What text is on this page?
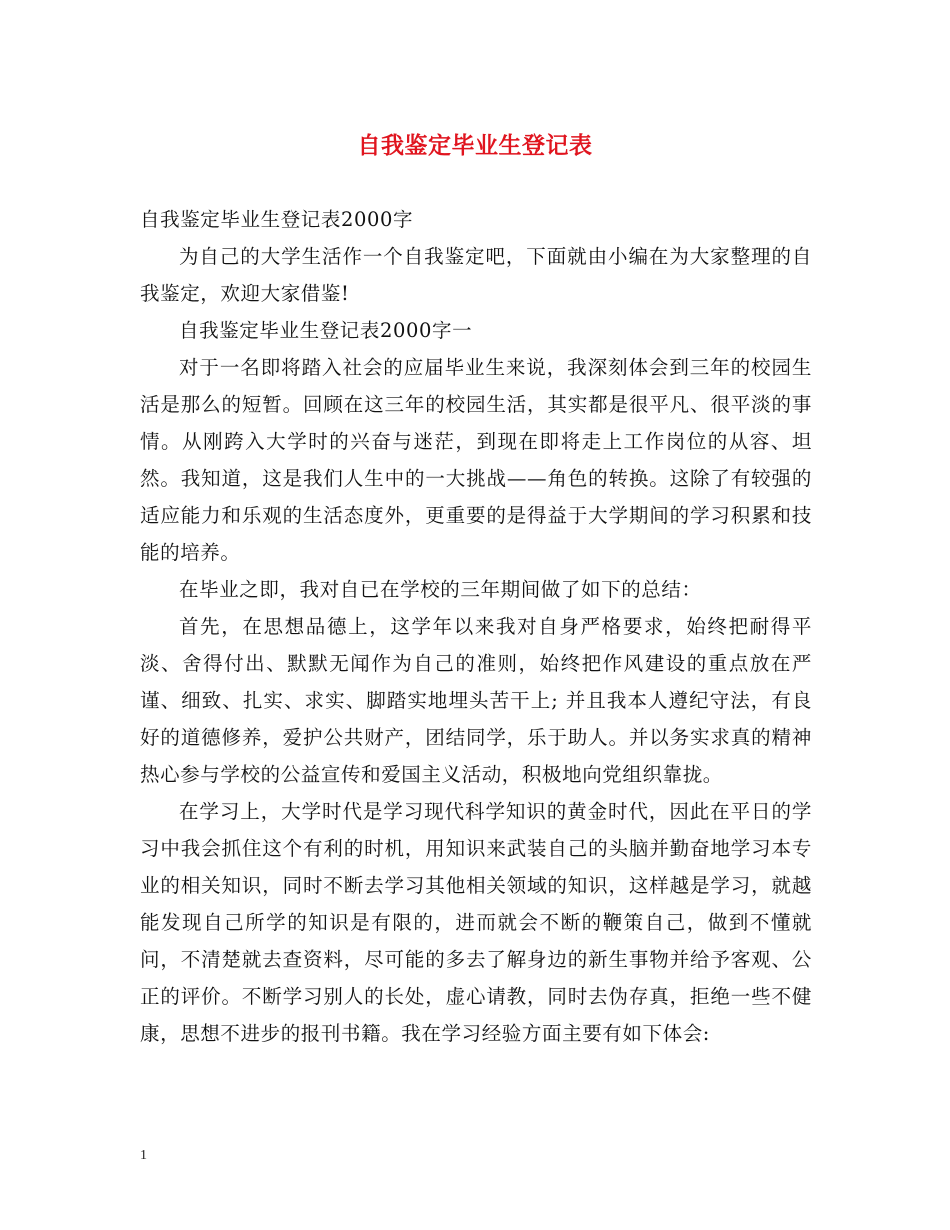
自我鉴定毕业生登记表

自我鉴定毕业生登记表2000字

为自己的大学生活作一个自我鉴定吧，下面就由小编在为大家整理的自我鉴定，欢迎大家借鉴!

自我鉴定毕业生登记表2000字一

对于一名即将踏入社会的应届毕业生来说，我深刻体会到三年的校园生活是那么的短暂。回顾在这三年的校园生活，其实都是很平凡、很平淡的事情。从刚跨入大学时的兴奋与迷茫，到现在即将走上工作岗位的从容、坦然。我知道，这是我们人生中的一大挑战——角色的转换。这除了有较强的适应能力和乐观的生活态度外，更重要的是得益于大学期间的学习积累和技能的培养。

在毕业之即，我对自已在学校的三年期间做了如下的总结：

首先，在思想品德上，这学年以来我对自身严格要求，始终把耐得平淡、舍得付出、默默无闻作为自己的准则，始终把作风建设的重点放在严谨、细致、扎实、求实、脚踏实地埋头苦干上; 并且我本人遵纪守法，有良好的道德修养，爱护公共财产，团结同学，乐于助人。并以务实求真的精神热心参与学校的公益宣传和爱国主义活动，积极地向党组织靠拢。

在学习上，大学时代是学习现代科学知识的黄金时代，因此在平日的学习中我会抓住这个有利的时机，用知识来武装自己的头脑并勤奋地学习本专业的相关知识，同时不断去学习其他相关领域的知识，这样越是学习，就越能发现自己所学的知识是有限的，进而就会不断的鞭策自己，做到不懂就问，不清楚就去查资料，尽可能的多去了解身边的新生事物并给予客观、公正的评价。不断学习别人的长处，虚心请教，同时去伪存真，拒绝一些不健康，思想不进步的报刊书籍。我在学习经验方面主要有如下体会:

1
